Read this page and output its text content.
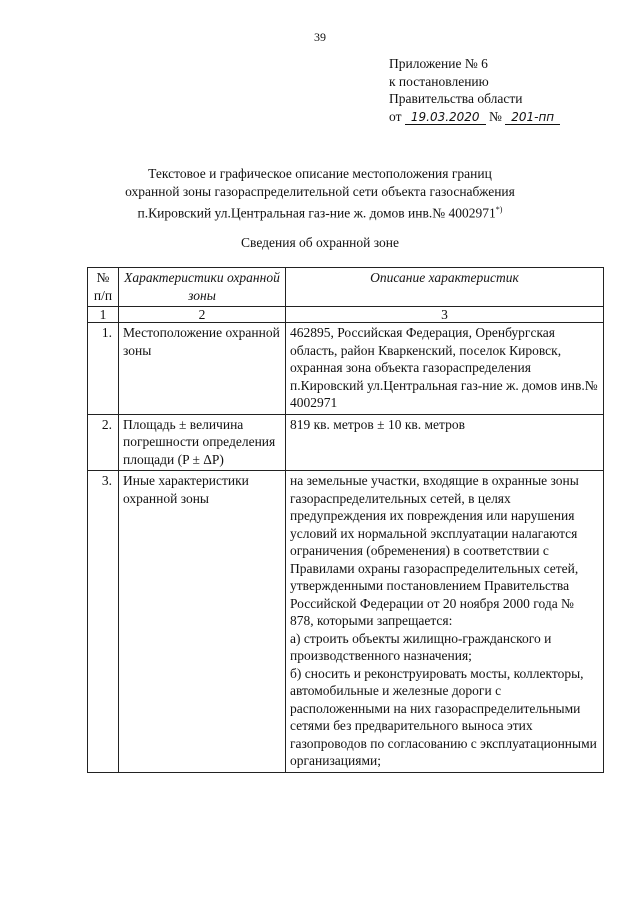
39
Приложение № 6
к постановлению
Правительства области
от 19.03.2020 № 201-пп
Текстовое и графическое описание местоположения границ
охранной зоны газораспределительной сети объекта газоснабжения
п.Кировский ул.Центральная газ-ние ж. домов инв.№ 4002971*)
Сведения об охранной зоне
№ п/п	Характеристики охранной зоны	Описание характеристик
1	2	3
1.	Местоположение охранной зоны	462895, Российская Федерация, Оренбургская область, район Кваркенский, поселок Кировск, охранная зона объекта газораспределения п.Кировский ул.Центральная газ-ние ж. домов инв.№ 4002971
2.	Площадь ± величина погрешности определения площади (P ± ΔP)	819 кв. метров ± 10 кв. метров
3.	Иные характеристики охранной зоны	на земельные участки, входящие в охранные зоны газораспределительных сетей, в целях предупреждения их повреждения или нарушения условий их нормальной эксплуатации налагаются ограничения (обременения) в соответствии с Правилами охраны газораспределительных сетей, утвержденными постановлением Правительства Российской Федерации от 20 ноября 2000 года № 878, которыми запрещается:
а) строить объекты жилищно-гражданского и производственного назначения;
б) сносить и реконструировать мосты, коллекторы, автомобильные и железные дороги с расположенными на них газораспределительными сетями без предварительного выноса этих газопроводов по согласованию с эксплуатационными организациями;
